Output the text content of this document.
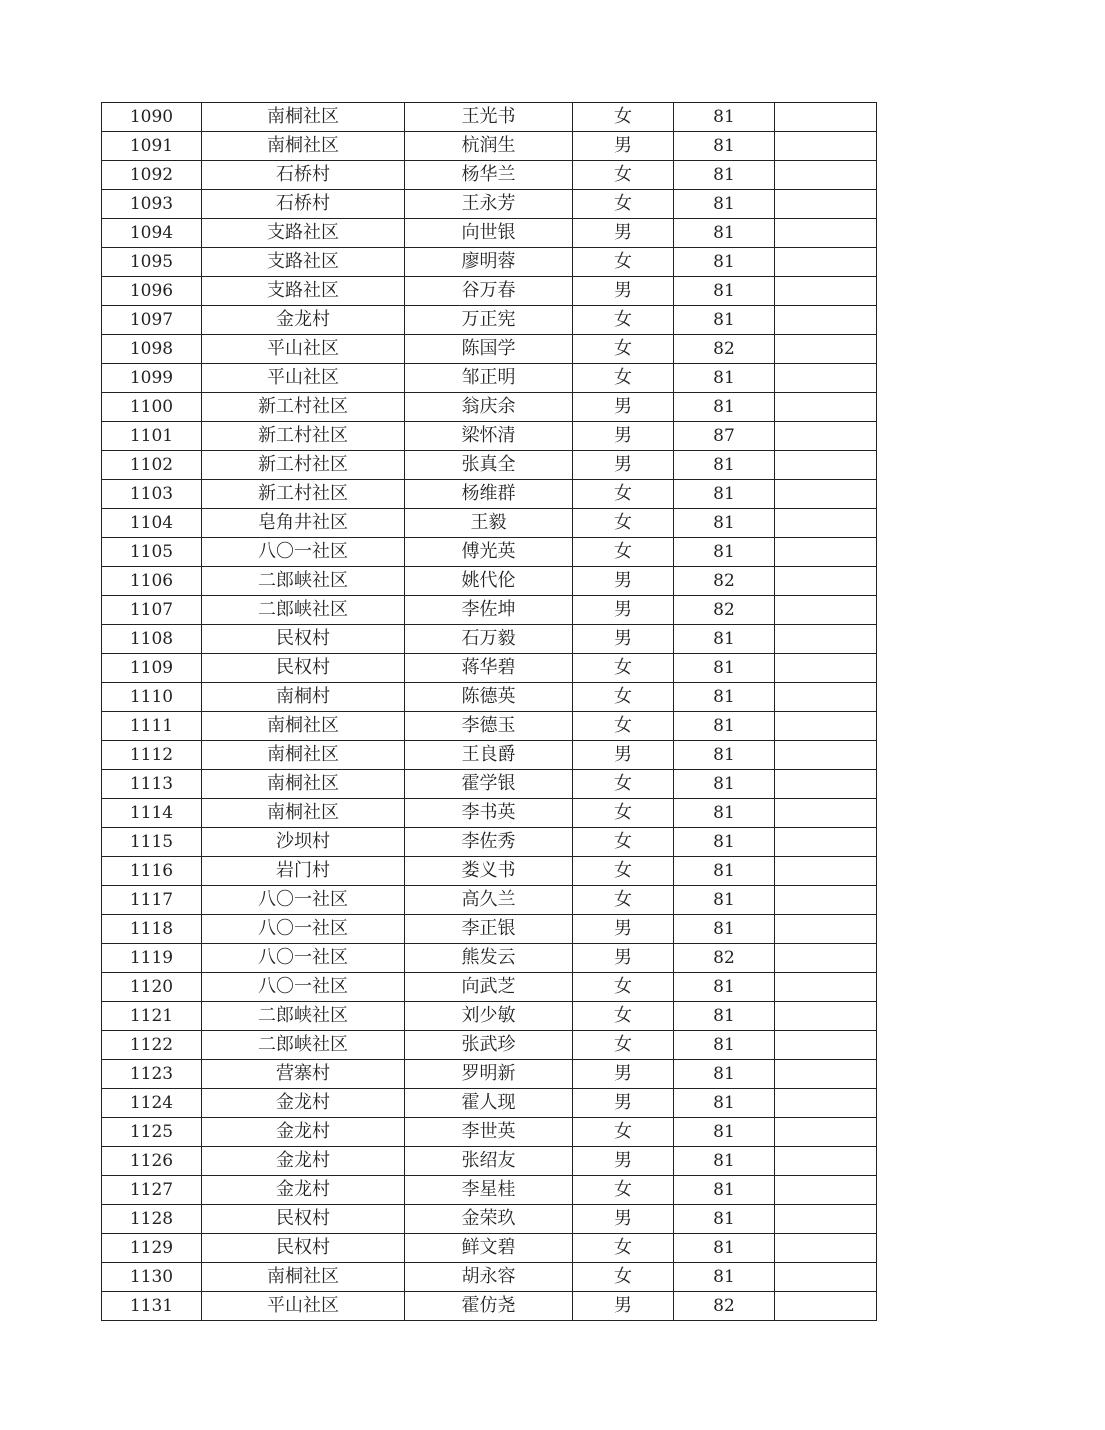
1090	南桐社区	王光书	女	81	
1091	南桐社区	杭润生	男	81	
1092	石桥村	杨华兰	女	81	
1093	石桥村	王永芳	女	81	
1094	支路社区	向世银	男	81	
1095	支路社区	廖明蓉	女	81	
1096	支路社区	谷万春	男	81	
1097	金龙村	万正宪	女	81	
1098	平山社区	陈国学	女	82	
1099	平山社区	邹正明	女	81	
1100	新工村社区	翁庆余	男	81	
1101	新工村社区	梁怀清	男	87	
1102	新工村社区	张真全	男	81	
1103	新工村社区	杨维群	女	81	
1104	皂角井社区	王毅	女	81	
1105	八〇一社区	傅光英	女	81	
1106	二郎峡社区	姚代伦	男	82	
1107	二郎峡社区	李佐坤	男	82	
1108	民权村	石万毅	男	81	
1109	民权村	蒋华碧	女	81	
1110	南桐村	陈德英	女	81	
1111	南桐社区	李德玉	女	81	
1112	南桐社区	王良爵	男	81	
1113	南桐社区	霍学银	女	81	
1114	南桐社区	李书英	女	81	
1115	沙坝村	李佐秀	女	81	
1116	岩门村	娄义书	女	81	
1117	八〇一社区	高久兰	女	81	
1118	八〇一社区	李正银	男	81	
1119	八〇一社区	熊发云	男	82	
1120	八〇一社区	向武芝	女	81	
1121	二郎峡社区	刘少敏	女	81	
1122	二郎峡社区	张武珍	女	81	
1123	营寨村	罗明新	男	81	
1124	金龙村	霍人现	男	81	
1125	金龙村	李世英	女	81	
1126	金龙村	张绍友	男	81	
1127	金龙村	李星桂	女	81	
1128	民权村	金荣玖	男	81	
1129	民权村	鲜文碧	女	81	
1130	南桐社区	胡永容	女	81	
1131	平山社区	霍仿尧	男	82	
